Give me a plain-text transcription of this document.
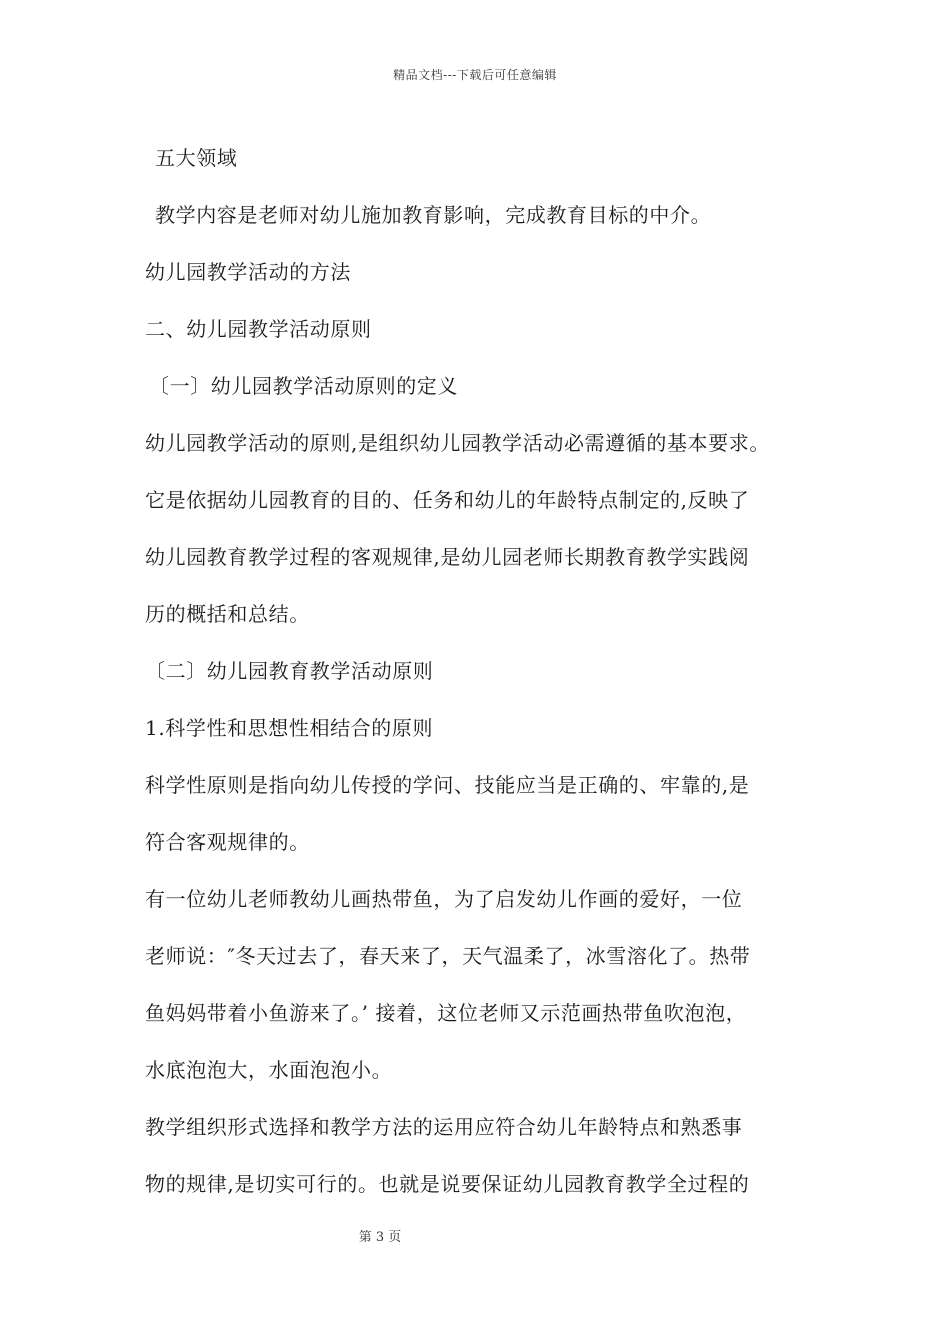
精品文档---下载后可任意编辑
五大领域
教学内容是老师对幼儿施加教育影响，完成教育目标的中介。
幼儿园教学活动的方法
二、幼儿园教学活动原则
〔一〕幼儿园教学活动原则的定义
幼儿园教学活动的原则,是组织幼儿园教学活动必需遵循的基本要求。
它是依据幼儿园教育的目的、任务和幼儿的年龄特点制定的,反映了
幼儿园教育教学过程的客观规律,是幼儿园老师长期教育教学实践阅
历的概括和总结。
〔二〕幼儿园教育教学活动原则
1.科学性和思想性相结合的原则
科学性原则是指向幼儿传授的学问、技能应当是正确的、牢靠的,是
符合客观规律的。
有一位幼儿老师教幼儿画热带鱼，为了启发幼儿作画的爱好，一位
老师说：″冬天过去了，春天来了，天气温柔了，冰雪溶化了。热带
鱼妈妈带着小鱼游来了。’ 接着，这位老师又示范画热带鱼吹泡泡，
水底泡泡大，水面泡泡小。
教学组织形式选择和教学方法的运用应符合幼儿年龄特点和熟悉事
物的规律,是切实可行的。也就是说要保证幼儿园教育教学全过程的
第 3 页
